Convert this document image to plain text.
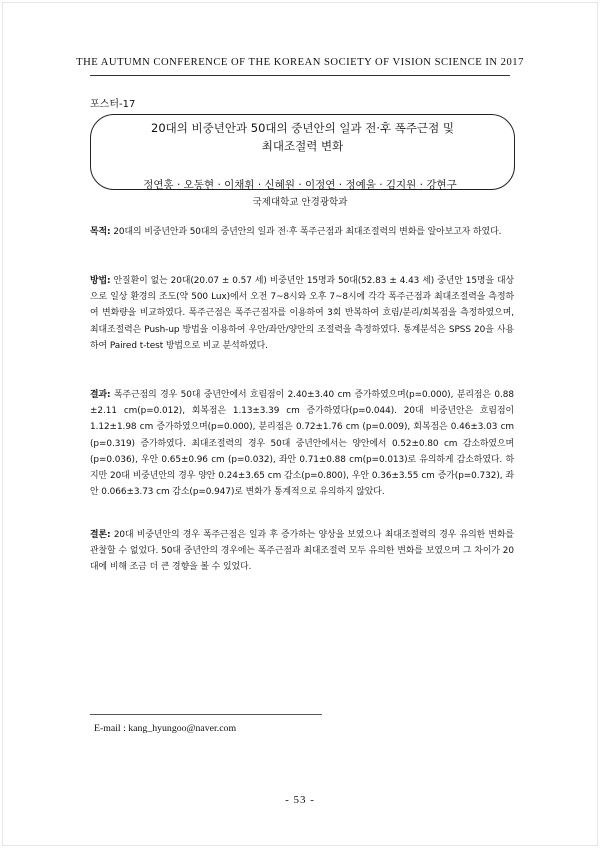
THE AUTUMN CONFERENCE OF THE KOREAN SOCIETY OF VISION SCIENCE IN 2017
포스터-17
20대의 비중년안과 50대의 중년안의 일과 전·후 폭주근점 및
최대조절력 변화
정연홍 · 오동현 · 이채휘 · 신혜원 · 이정연 · 정예울 · 김지원 · 강현구
국제대학교 안경광학과
목적: 20대의 비중년안과 50대의 중년안의 일과 전·후 폭주근점과 최대조절력의 변화를 알아보고자 하였다.
방법: 안질환이 없는 20대(20.07 ± 0.57 세) 비중년안 15명과 50대(52.83 ± 4.43 세) 중년안 15명을 대상으로 일상 환경의 조도(약 500 Lux)에서 오전 7~8시와 오후 7~8시에 각각 폭주근점과 최대조절력을 측정하여 변화량을 비교하였다. 폭주근점은 폭주근점자를 이용하여 3회 반복하여 흐림/분리/회복점을 측정하였으며, 최대조절력은 Push-up 방법을 이용하여 우안/좌안/양안의 조절력을 측정하였다. 통계분석은 SPSS 20을 사용하여 Paired t-test 방법으로 비교 분석하였다.
결과: 폭주근점의 경우 50대 중년안에서 흐림점이 2.40±3.40 cm 증가하였으며(p=0.000), 분리점은 0.88 ±2.11 cm(p=0.012), 회복점은 1.13±3.39 cm 증가하였다(p=0.044). 20대 비중년안은 흐림점이 1.12±1.98 cm 증가하였으며(p=0.000), 분리점은 0.72±1.76 cm (p=0.009), 회복점은 0.46±3.03 cm (p=0.319) 증가하였다. 최대조절력의 경우 50대 중년안에서는 양안에서 0.52±0.80 cm 감소하였으며(p=0.036), 우안 0.65±0.96 cm (p=0.032), 좌안 0.71±0.88 cm(p=0.013)로 유의하게 감소하였다. 하지만 20대 비중년안의 경우 양안 0.24±3.65 cm 감소(p=0.800), 우안 0.36±3.55 cm 증가(p=0.732), 좌안 0.066±3.73 cm 감소(p=0.947)로 변화가 통계적으로 유의하지 않았다.
결론: 20대 비중년안의 경우 폭주근점은 일과 후 증가하는 양상을 보였으나 최대조절력의 경우 유의한 변화를 관찰할 수 없었다. 50대 중년안의 경우에는 폭주근점과 최대조절력 모두 유의한 변화를 보였으며 그 차이가 20대에 비해 조금 더 큰 경향을 볼 수 있었다.
E-mail : kang_hyungoo@naver.com
- 53 -
